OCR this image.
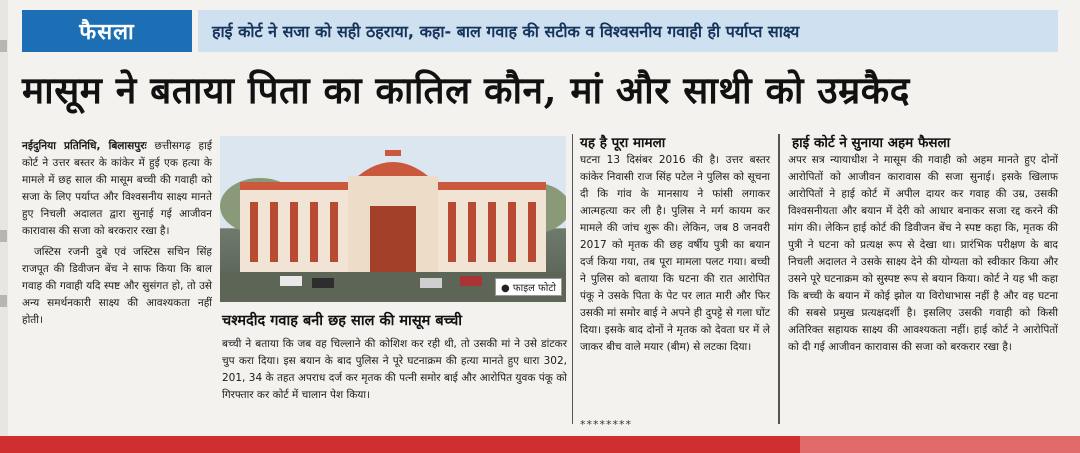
फैसला	हाई कोर्ट ने सजा को सही ठहराया, कहा- बाल गवाह की सटीक व विश्वसनीय गवाही ही पर्याप्त साक्ष्य
मासूम ने बताया पिता का कातिल कौन, मां और साथी को उम्रकैद

नईदुनिया प्रतिनिधि, बिलासपुरः छत्तीसगढ़ हाई कोर्ट ने उत्तर बस्तर के कांकेर में हुई एक हत्या के मामले में छह साल की मासूम बच्ची की गवाही को सजा के लिए पर्याप्त और विश्वसनीय साक्ष्य मानते हुए निचली अदालत द्वारा सुनाई गई आजीवन कारावास की सजा को बरकरार रखा है।

जस्टिस रजनी दुबे एवं जस्टिस सचिन सिंह राजपूत की डिवीजन बेंच ने साफ किया कि बाल गवाह की गवाही यदि स्पष्ट और सुसंगत हो, तो उसे अन्य समर्थनकारी साक्ष्य की आवश्यकता नहीं होती।

● फाइल फोटो
चश्मदीद गवाह बनी छह साल की मासूम बच्ची
बच्ची ने बताया कि जब वह चिल्लाने की कोशिश कर रही थी, तो उसकी मां ने उसे डांटकर चुप करा दिया। इस बयान के बाद पुलिस ने पूरे घटनाक्रम की हत्या मानते हुए धारा 302, 201, 34 के तहत अपराध दर्ज कर मृतक की पत्नी समोर बाई और आरोपित युवक पंकू को गिरफ्तार कर कोर्ट में चालान पेश किया।
यह है पूरा मामला
घटना 13 दिसंबर 2016 की है। उत्तर बस्तर कांकेर निवासी राज सिंह पटेल ने पुलिस को सूचना दी कि गांव के मानसाय ने फांसी लगाकर आत्महत्या कर ली है। पुलिस ने मर्ग कायम कर मामले की जांच शुरू की। लेकिन, जब 8 जनवरी 2017 को मृतक की छह वर्षीय पुत्री का बयान दर्ज किया गया, तब पूरा मामला पलट गया। बच्ची ने पुलिस को बताया कि घटना की रात आरोपित पंकू ने उसके पिता के पेट पर लात मारी और फिर उसकी मां समोर बाई ने अपने ही दुपट्टे से गला घोंट दिया। इसके बाद दोनों ने मृतक को देवता घर में ले जाकर बीच वाले मयार (बीम) से लटका दिया।
********
हाई कोर्ट ने सुनाया अहम फैसला
अपर सत्र न्यायाधीश ने मासूम की गवाही को अहम मानते हुए दोनों आरोपितों को आजीवन कारावास की सजा सुनाई। इसके खिलाफ आरोपितों ने हाई कोर्ट में अपील दायर कर गवाह की उम्र, उसकी विश्वसनीयता और बयान में देरी को आधार बनाकर सजा रद्द करने की मांग की। लेकिन हाई कोर्ट की डिवीजन बेंच ने स्पष्ट कहा कि, मृतक की पुत्री ने घटना को प्रत्यक्ष रूप से देखा था। प्रारंभिक परीक्षण के बाद निचली अदालत ने उसके साक्ष्य देने की योग्यता को स्वीकार किया और उसने पूरे घटनाक्रम को सुस्पष्ट रूप से बयान किया। कोर्ट ने यह भी कहा कि बच्ची के बयान में कोई झोल या विरोधाभास नहीं है और वह घटना की सबसे प्रमुख प्रत्यक्षदर्शी है। इसलिए उसकी गवाही को किसी अतिरिक्त सहायक साक्ष्य की आवश्यकता नहीं। हाई कोर्ट ने आरोपितों को दी गई आजीवन कारावास की सजा को बरकरार रखा है।
